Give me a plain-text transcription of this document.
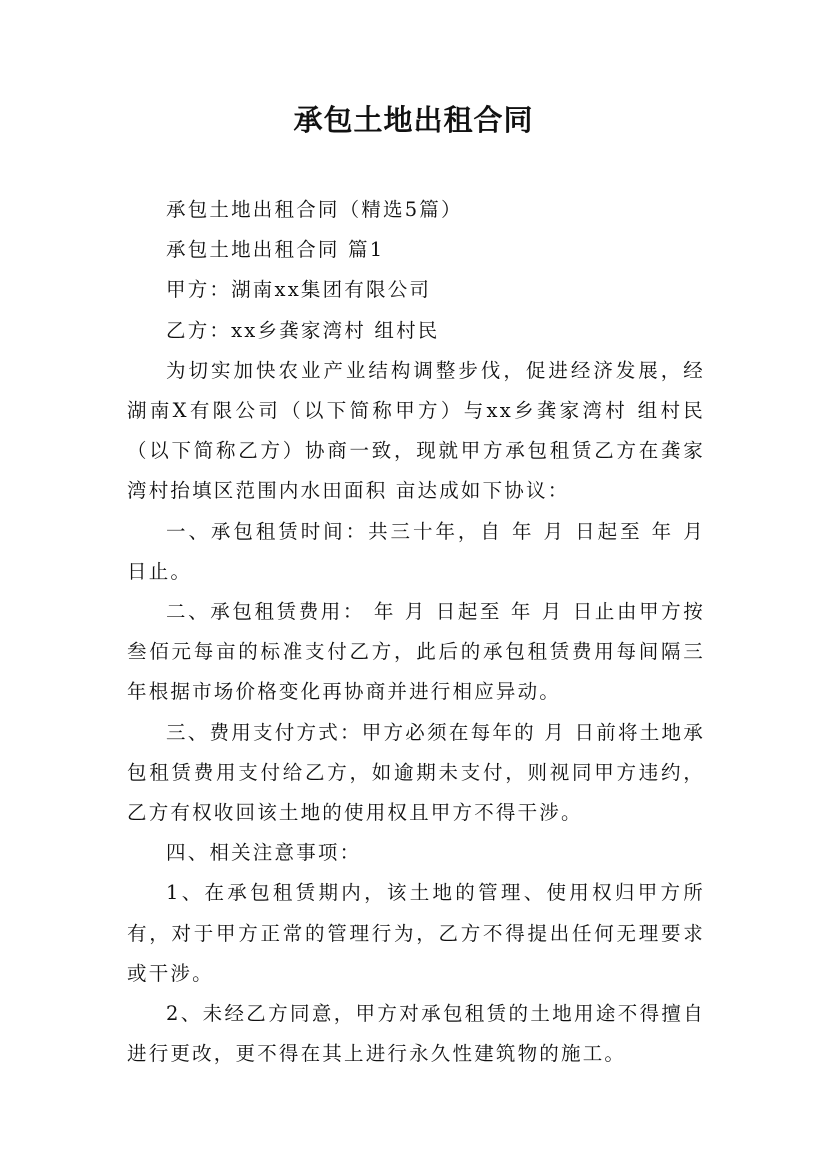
承包土地出租合同

承包土地出租合同（精选5篇）

承包土地出租合同 篇1

甲方：湖南xx集团有限公司

乙方：xx乡龚家湾村 组村民

为切实加快农业产业结构调整步伐，促进经济发展，经湖南X有限公司（以下简称甲方）与xx乡龚家湾村 组村民（以下简称乙方）协商一致，现就甲方承包租赁乙方在龚家湾村抬填区范围内水田面积 亩达成如下协议：

一、承包租赁时间：共三十年，自 年 月 日起至 年 月 日止。

二、承包租赁费用： 年 月 日起至 年 月 日止由甲方按叁佰元每亩的标准支付乙方，此后的承包租赁费用每间隔三年根据市场价格变化再协商并进行相应异动。

三、费用支付方式：甲方必须在每年的 月 日前将土地承包租赁费用支付给乙方，如逾期未支付，则视同甲方违约，乙方有权收回该土地的使用权且甲方不得干涉。

四、相关注意事项：

1、在承包租赁期内，该土地的管理、使用权归甲方所有，对于甲方正常的管理行为，乙方不得提出任何无理要求或干涉。

2、未经乙方同意，甲方对承包租赁的土地用途不得擅自进行更改，更不得在其上进行永久性建筑物的施工。
